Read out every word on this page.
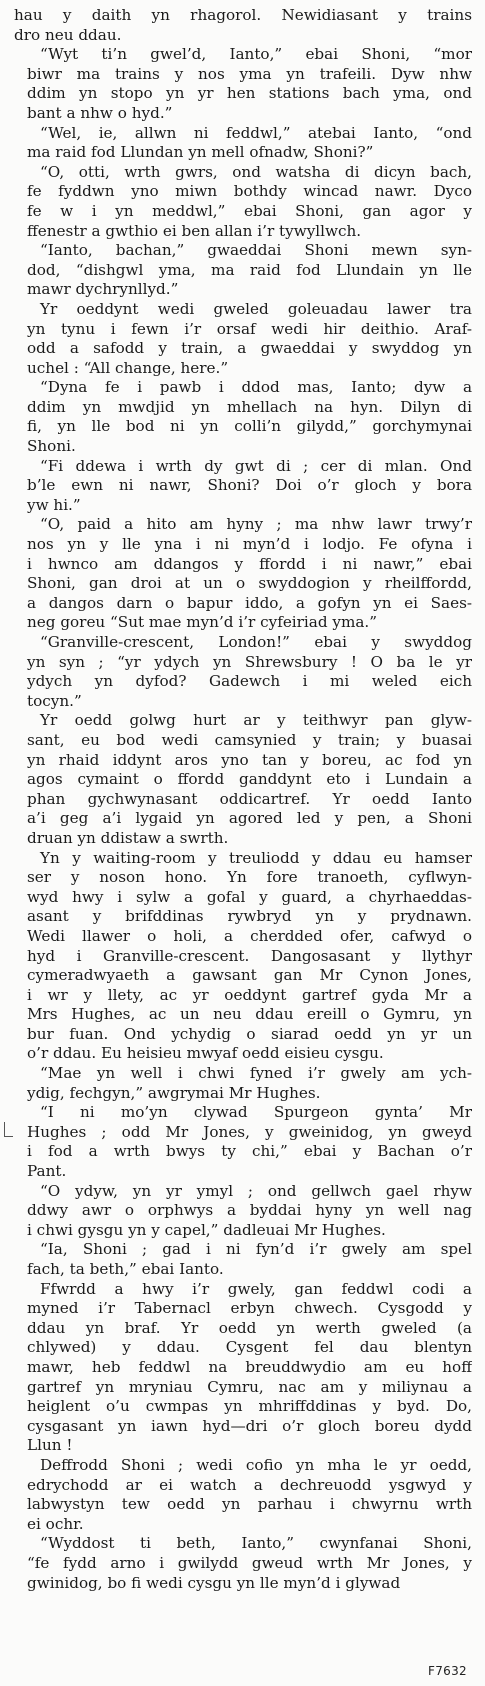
hau y daith yn rhagorol. Newidiasant y trains
dro neu ddau.

“Wyt ti’n gwel’d, Ianto,” ebai Shoni, “mor
biwr ma trains y nos yma yn trafeili. Dyw nhw
ddim yn stopo yn yr hen stations bach yma, ond
bant a nhw o hyd.”

“Wel, ie, allwn ni feddwl,” atebai Ianto, “ond
ma raid fod Llundan yn mell ofnadw, Shoni?”

“O, otti, wrth gwrs, ond watsha di dicyn bach,
fe fyddwn yno miwn bothdy wincad nawr. Dyco
fe w i yn meddwl,” ebai Shoni, gan agor y
ffenestr a gwthio ei ben allan i’r tywyllwch.

“Ianto, bachan,” gwaeddai Shoni mewn syn-
dod, “dishgwl yma, ma raid fod Llundain yn lle
mawr dychrynllyd.”

Yr oeddynt wedi gweled goleuadau lawer tra
yn tynu i fewn i’r orsaf wedi hir deithio. Araf-
odd a safodd y train, a gwaeddai y swyddog yn
uchel : “All change, here.”

“Dyna fe i pawb i ddod mas, Ianto; dyw a
ddim yn mwdjid yn mhellach na hyn. Dilyn di
fi, yn lle bod ni yn colli’n gilydd,” gorchymynai
Shoni.

“Fi ddewa i wrth dy gwt di ; cer di mlan. Ond
b’le ewn ni nawr, Shoni? Doi o’r gloch y bora
yw hi.”

“O, paid a hito am hyny ; ma nhw lawr trwy’r
nos yn y lle yna i ni myn’d i lodjo. Fe ofyna i
i hwnco am ddangos y ffordd i ni nawr,” ebai
Shoni, gan droi at un o swyddogion y rheilffordd,
a dangos darn o bapur iddo, a gofyn yn ei Saes-
neg goreu “Sut mae myn’d i’r cyfeiriad yma.”

“Granville-crescent, London!” ebai y swyddog
yn syn ; “yr ydych yn Shrewsbury ! O ba le yr
ydych yn dyfod? Gadewch i mi weled eich
tocyn.”

Yr oedd golwg hurt ar y teithwyr pan glyw-
sant, eu bod wedi camsynied y train; y buasai
yn rhaid iddynt aros yno tan y boreu, ac fod yn
agos cymaint o ffordd ganddynt eto i Lundain a
phan gychwynasant oddicartref. Yr oedd Ianto
a’i geg a’i lygaid yn agored led y pen, a Shoni
druan yn ddistaw a swrth.

Yn y waiting-room y treuliodd y ddau eu hamser
ser y noson hono. Yn fore tranoeth, cyflwyn-
wyd hwy i sylw a gofal y guard, a chyrhaeddas-
asant y brifddinas rywbryd yn y prydnawn.
Wedi llawer o holi, a cherdded ofer, cafwyd o
hyd i Granville-crescent. Dangosasant y llythyr
cymeradwyaeth a gawsant gan Mr Cynon Jones,
i wr y llety, ac yr oeddynt gartref gyda Mr a
Mrs Hughes, ac un neu ddau ereill o Gymru, yn
bur fuan. Ond ychydig o siarad oedd yn yr un
o’r ddau. Eu heisieu mwyaf oedd eisieu cysgu.

“Mae yn well i chwi fyned i’r gwely am ych-
ydig, fechgyn,” awgrymai Mr Hughes.

“I ni mo’yn clywad Spurgeon gynta’ Mr
Hughes ; odd Mr Jones, y gweinidog, yn gweyd
i fod a wrth bwys ty chi,” ebai y Bachan o’r
Pant.

“O ydyw, yn yr ymyl ; ond gellwch gael rhyw
ddwy awr o orphwys a byddai hyny yn well nag
i chwi gysgu yn y capel,” dadleuai Mr Hughes.

“Ia, Shoni ; gad i ni fyn’d i’r gwely am spel
fach, ta beth,” ebai Ianto.

Ffwrdd a hwy i’r gwely, gan feddwl codi a
myned i’r Tabernacl erbyn chwech. Cysgodd y
ddau yn braf. Yr oedd yn werth gweled (a
chlywed) y ddau. Cysgent fel dau blentyn
mawr, heb feddwl na breuddwydio am eu hoff
gartref yn mryniau Cymru, nac am y miliynau a
heiglent o’u cwmpas yn mhriffddinas y byd. Do,
cysgasant yn iawn hyd—dri o’r gloch boreu dydd
Llun !

Deffrodd Shoni ; wedi cofio yn mha le yr oedd,
edrychodd ar ei watch a dechreuodd ysgwyd y
labwystyn tew oedd yn parhau i chwyrnu wrth
ei ochr.

“Wyddost ti beth, Ianto,” cwynfanai Shoni,
“fe fydd arno i gwilydd gweud wrth Mr Jones, y
gwinidog, bo fi wedi cysgu yn lle myn’d i glywad

F7632
